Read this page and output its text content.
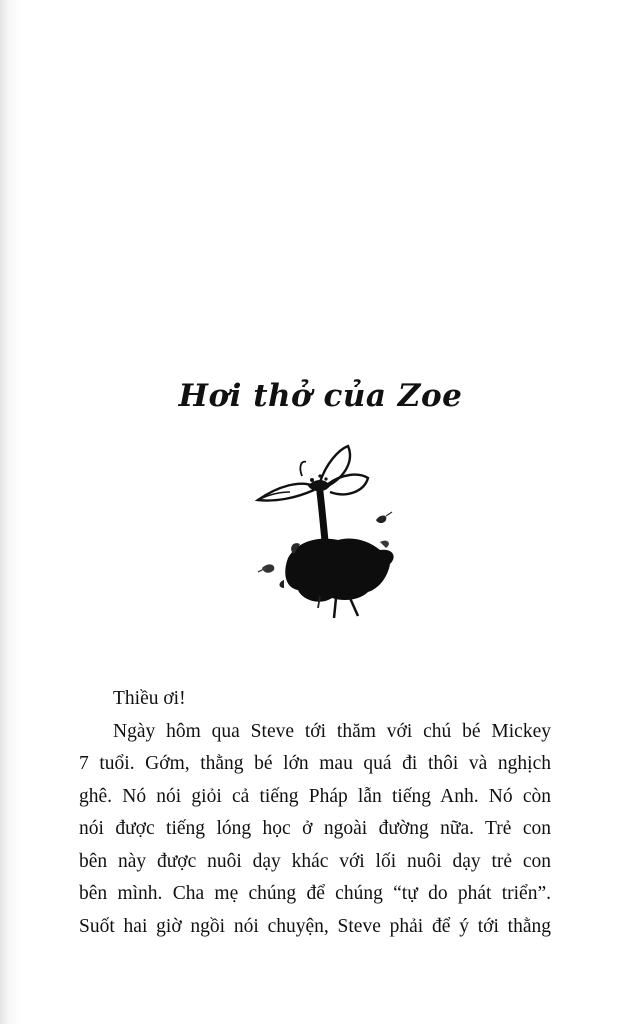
Hơi thở của Zoe

Thiều ơi!

Ngày hôm qua Steve tới thăm với chú bé Mickey
7 tuổi. Gớm, thằng bé lớn mau quá đi thôi và nghịch
ghê. Nó nói giỏi cả tiếng Pháp lẫn tiếng Anh. Nó còn
nói được tiếng lóng học ở ngoài đường nữa. Trẻ con
bên này được nuôi dạy khác với lối nuôi dạy trẻ con
bên mình. Cha mẹ chúng để chúng “tự do phát triển”.
Suốt hai giờ ngồi nói chuyện, Steve phải để ý tới thằng
